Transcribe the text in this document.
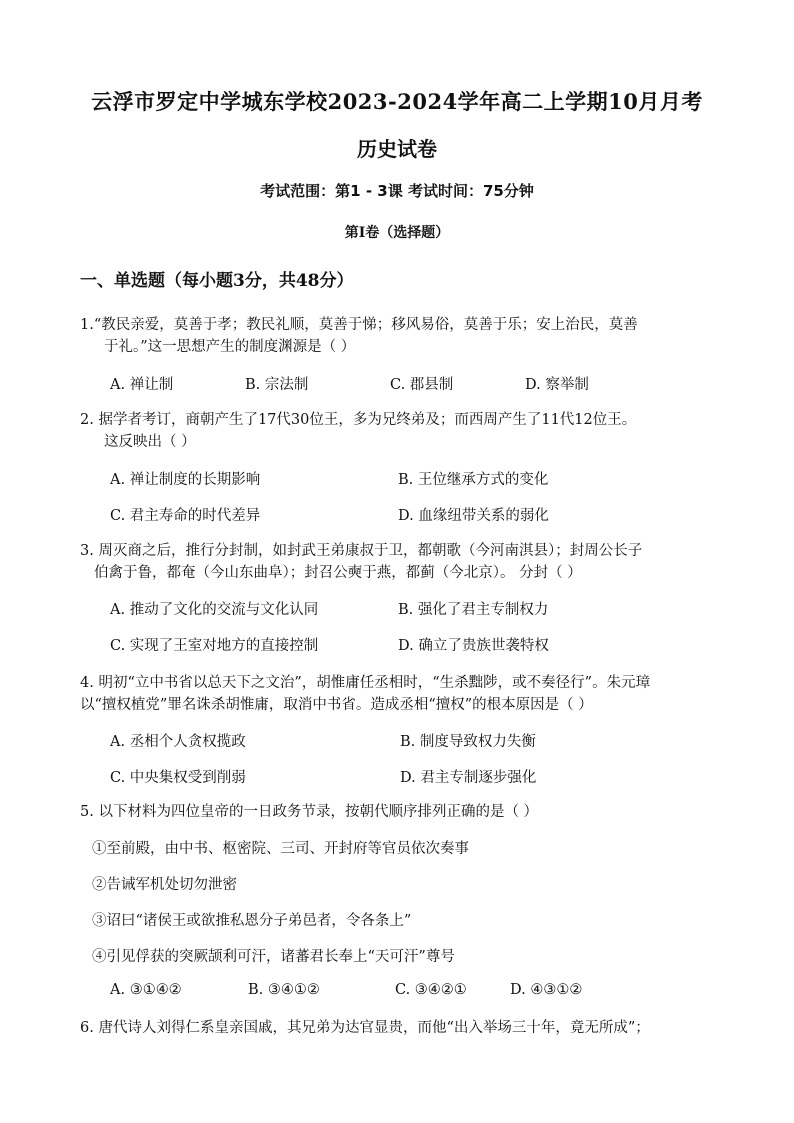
云浮市罗定中学城东学校2023-2024学年高二上学期10月月考
历史试卷
考试范围：第1 - 3课 考试时间：75分钟
第I卷（选择题）
一、单选题（每小题3分，共48分）
1.“教民亲爱，莫善于孝；教民礼顺，莫善于悌；移风易俗，莫善于乐；安上治民，莫善
于礼。”这一思想产生的制度渊源是（ ）
A. 禅让制	B. 宗法制	C. 郡县制	D. 察举制
2. 据学者考订，商朝产生了17代30位王，多为兄终弟及；而西周产生了11代12位王。
这反映出（ ）
A. 禅让制度的长期影响	B. 王位继承方式的变化
C. 君主寿命的时代差异	D. 血缘纽带关系的弱化
3. 周灭商之后，推行分封制，如封武王弟康叔于卫，都朝歌（今河南淇县）；封周公长子
伯禽于鲁，都奄（今山东曲阜）；封召公奭于燕，都蓟（今北京）。 分封（ ）
A. 推动了文化的交流与文化认同	B. 强化了君主专制权力
C. 实现了王室对地方的直接控制	D. 确立了贵族世袭特权
4. 明初“立中书省以总天下之文治”，胡惟庸任丞相时，“生杀黜陟，或不奏径行”。朱元璋
以“擅权植党”罪名诛杀胡惟庸，取消中书省。造成丞相“擅权”的根本原因是（ ）
A. 丞相个人贪权揽政	B. 制度导致权力失衡
C. 中央集权受到削弱	D. 君主专制逐步强化
5. 以下材料为四位皇帝的一日政务节录，按朝代顺序排列正确的是（ ）
①至前殿，由中书、枢密院、三司、开封府等官员依次奏事
②告诫军机处切勿泄密
③诏曰“诸侯王或欲推私恩分子弟邑者，令各条上”
④引见俘获的突厥颉利可汗，诸蕃君长奉上“天可汗”尊号
A. ③①④②	B. ③④①②	C. ③④②①	D. ④③①②
6. 唐代诗人刘得仁系皇亲国戚，其兄弟为达官显贵，而他“出入举场三十年，竟无所成”；
